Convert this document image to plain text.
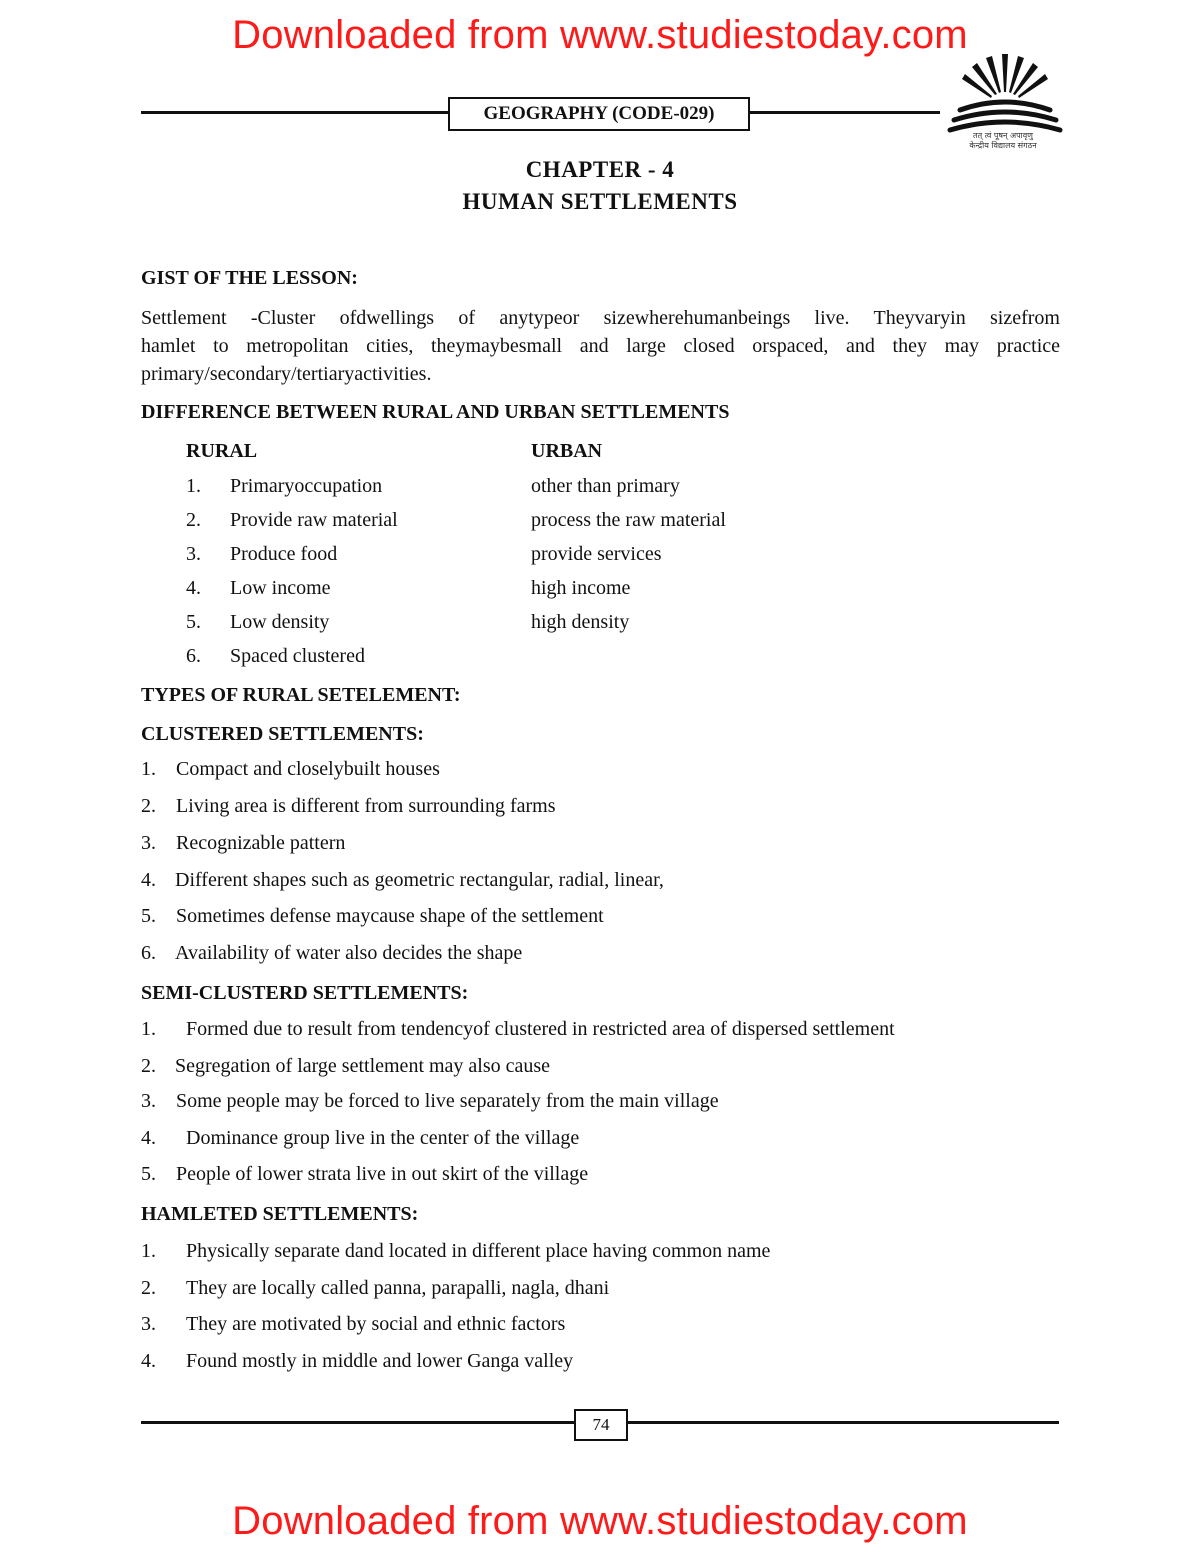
Downloaded from www.studiestoday.com
GEOGRAPHY (CODE-029)
तत् त्वं पूषन् अपावृणु
केन्द्रीय विद्यालय संगठन
CHAPTER - 4
HUMAN SETTLEMENTS
GIST OF THE LESSON:
Settlement -Cluster ofdwellings of anytypeor sizewherehumanbeings live. Theyvaryin sizefrom
hamlet to metropolitan cities, theymaybesmall and large closed orspaced, and they may practice
primary/secondary/tertiaryactivities.
DIFFERENCE BETWEEN RURAL AND URBAN SETTLEMENTS
RURAL	URBAN
1. Primaryoccupation	other than primary
2. Provide raw material	process the raw material
3. Produce food	provide services
4. Low income	high income
5. Low density	high density
6. Spaced clustered
TYPES OF RURAL SETELEMENT:
CLUSTERED SETTLEMENTS:
1. Compact and closelybuilt houses
2. Living area is different from surrounding farms
3. Recognizable pattern
4. Different shapes such as geometric rectangular, radial, linear,
5. Sometimes defense maycause shape of the settlement
6. Availability of water also decides the shape
SEMI-CLUSTERD SETTLEMENTS:
1. Formed due to result from tendencyof clustered in restricted area of dispersed settlement
2. Segregation of large settlement may also cause
3. Some people may be forced to live separately from the main village
4. Dominance group live in the center of the village
5. People of lower strata live in out skirt of the village
HAMLETED SETTLEMENTS:
1. Physically separate dand located in different place having common name
2. They are locally called panna, parapalli, nagla, dhani
3. They are motivated by social and ethnic factors
4. Found mostly in middle and lower Ganga valley
74
Downloaded from www.studiestoday.com
